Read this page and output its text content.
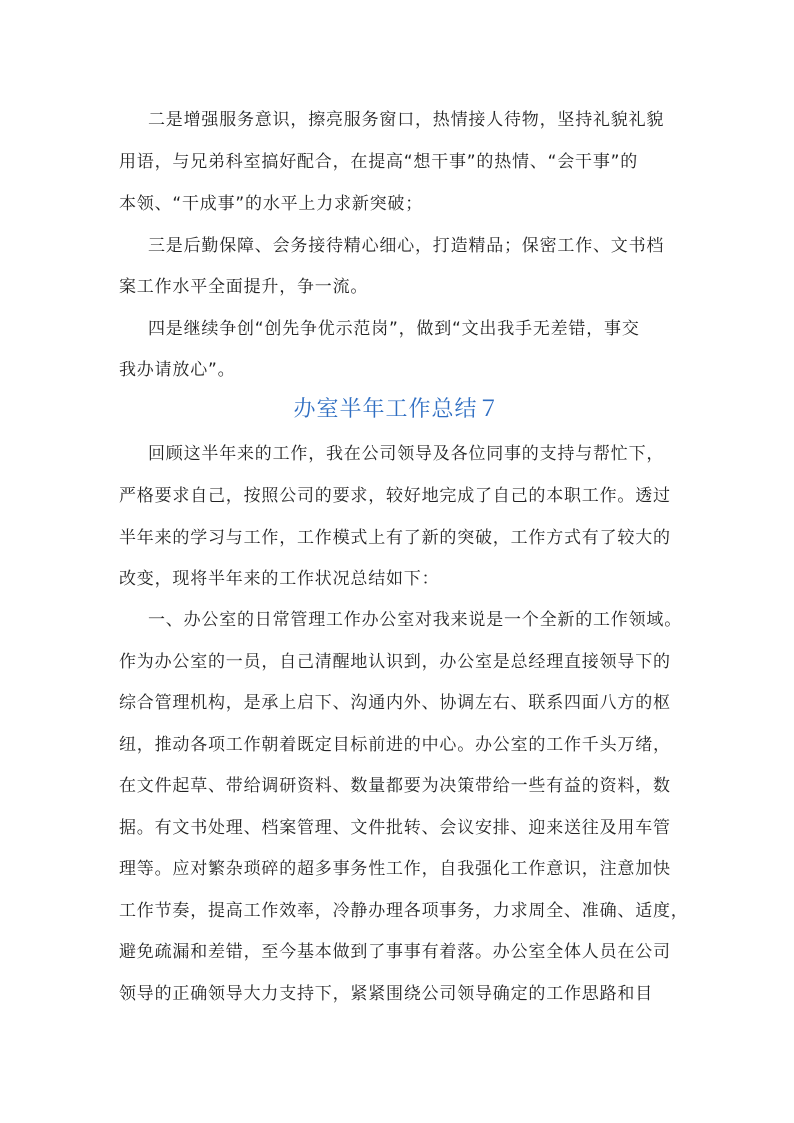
二是增强服务意识，擦亮服务窗口，热情接人待物，坚持礼貌礼貌
用语，与兄弟科室搞好配合，在提高“想干事”的热情、“会干事”的
本领、“干成事”的水平上力求新突破；
三是后勤保障、会务接待精心细心，打造精品；保密工作、文书档
案工作水平全面提升，争一流。
四是继续争创“创先争优示范岗”，做到“文出我手无差错，事交
我办请放心”。
办室半年工作总结７
回顾这半年来的工作，我在公司领导及各位同事的支持与帮忙下，
严格要求自己，按照公司的要求，较好地完成了自己的本职工作。透过
半年来的学习与工作，工作模式上有了新的突破，工作方式有了较大的
改变，现将半年来的工作状况总结如下：
一、办公室的日常管理工作办公室对我来说是一个全新的工作领域。
作为办公室的一员，自己清醒地认识到，办公室是总经理直接领导下的
综合管理机构，是承上启下、沟通内外、协调左右、联系四面八方的枢
纽，推动各项工作朝着既定目标前进的中心。办公室的工作千头万绪，
在文件起草、带给调研资料、数量都要为决策带给一些有益的资料，数
据。有文书处理、档案管理、文件批转、会议安排、迎来送往及用车管
理等。应对繁杂琐碎的超多事务性工作，自我强化工作意识，注意加快
工作节奏，提高工作效率，冷静办理各项事务，力求周全、准确、适度，
避免疏漏和差错，至今基本做到了事事有着落。办公室全体人员在公司
领导的正确领导大力支持下，紧紧围绕公司领导确定的工作思路和目
